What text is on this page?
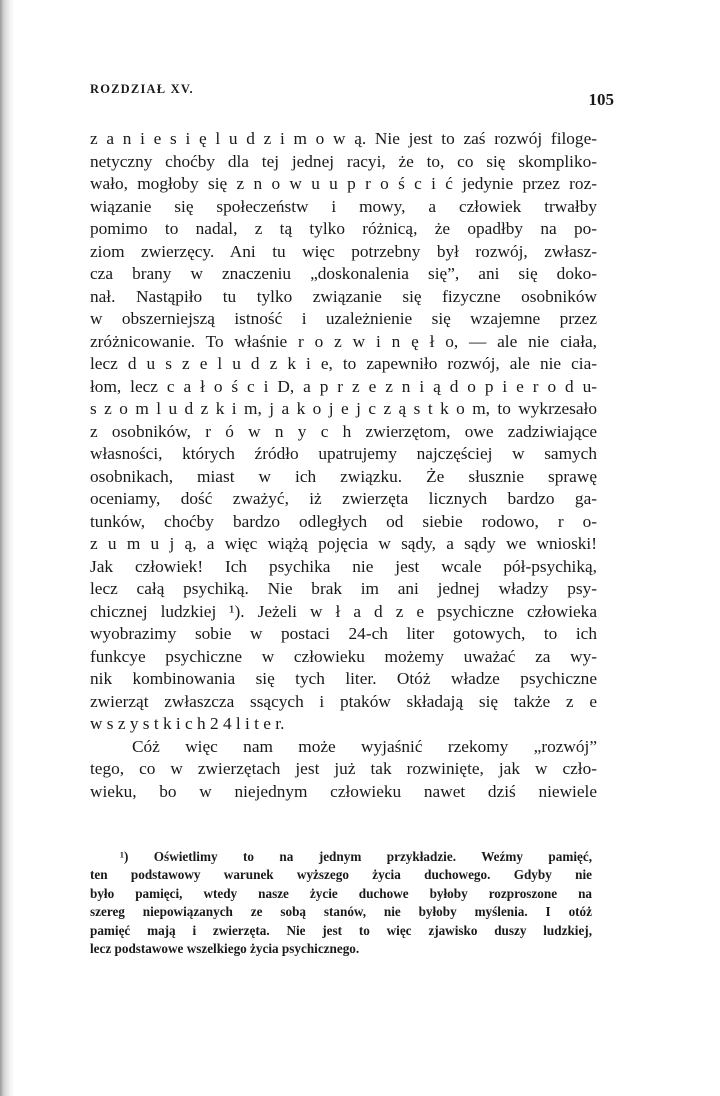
ROZDZIAŁ XV.
105
z a n i e s i ę l u d z i m o w ą. Nie jest to zaś rozwój filoge-
netyczny choćby dla tej jednej racyi, że to, co się skompliko-
wało, mogłoby się z n o w u u p r o ś c i ć jedynie przez roz-
wiązanie się społeczeństw i mowy, a człowiek trwałby
pomimo to nadal, z tą tylko różnicą, że opadłby na po-
ziom zwierzęcy. Ani tu więc potrzebny był rozwój, zwłasz-
cza brany w znaczeniu „doskonalenia się”, ani się doko-
nał. Nastąpiło tu tylko związanie się fizyczne osobników
w obszerniejszą istność i uzależnienie się wzajemne przez
zróżnicowanie. To właśnie r o z w i n ę ł o, — ale nie ciała,
lecz d u s z e l u d z k i e, to zapewniło rozwój, ale nie cia-
łom, lecz c a ł o ś c i D, a p r z e z n i ą d o p i e r o d u-
s z o m l u d z k i m, j a k o j e j c z ą s t k o m, to wykrzesało
z osobników, r ó w n y c h zwierzętom, owe zadziwiające
własności, których źródło upatrujemy najczęściej w samych
osobnikach, miast w ich związku. Że słusznie sprawę
oceniamy, dość zważyć, iż zwierzęta licznych bardzo ga-
tunków, choćby bardzo odległych od siebie rodowo, r o-
z u m u j ą, a więc wiążą pojęcia w sądy, a sądy we wnioski!
Jak człowiek! Ich psychika nie jest wcale pół-psychiką,
lecz całą psychiką. Nie brak im ani jednej władzy psy-
chicznej ludzkiej ¹). Jeżeli w ł a d z e psychiczne człowieka
wyobrazimy sobie w postaci 24-ch liter gotowych, to ich
funkcye psychiczne w człowieku możemy uważać za wy-
nik kombinowania się tych liter. Otóż władze psychiczne
zwierząt zwłaszcza ssących i ptaków składają się także z e
w s z y s t k i c h 2 4 l i t e r.
Cóż więc nam może wyjaśnić rzekomy „rozwój”
tego, co w zwierzętach jest już tak rozwinięte, jak w czło-
wieku, bo w niejednym człowieku nawet dziś niewiele
¹) Oświetlimy to na jednym przykładzie. Weźmy pamięć,
ten podstawowy warunek wyższego życia duchowego. Gdyby nie
było pamięci, wtedy nasze życie duchowe byłoby rozproszone na
szereg niepowiązanych ze sobą stanów, nie byłoby myślenia. I otóż
pamięć mają i zwierzęta. Nie jest to więc zjawisko duszy ludzkiej,
lecz podstawowe wszelkiego życia psychicznego.
